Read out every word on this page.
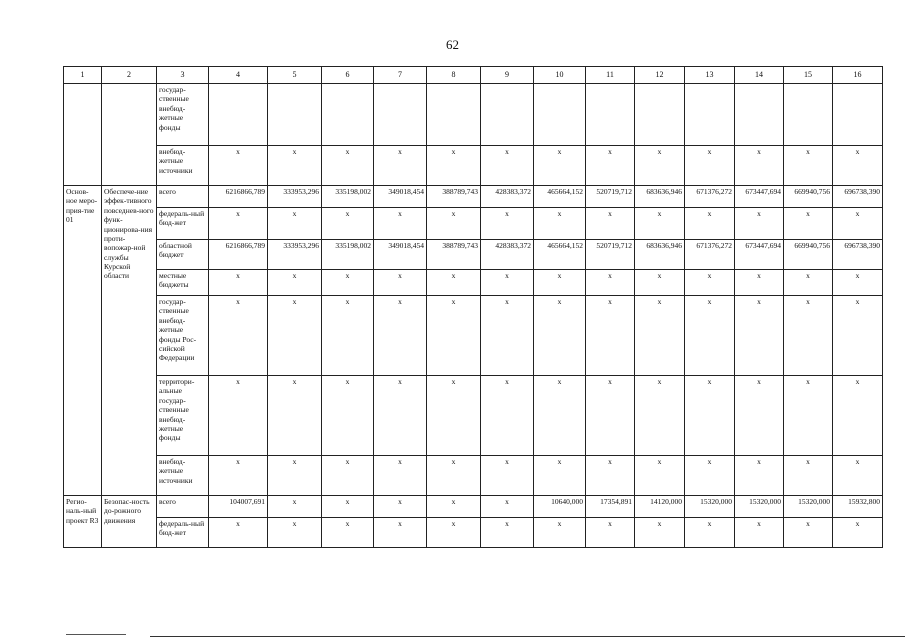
62
1	2	3	4	5	6	7	8	9	10	11	12	13	14	15	16
		государ-ственные внебюд-жетные фонды													
		внебюд-жетные источники	х	х	х	х	х	х	х	х	х	х	х	х	х
Основ-ное меро-прия-тие 01	Обеспече-ние эффек-тивного повседнев-ного функ-ционирова-ния проти-вопожар-ной службы Курской области	всего	6216866,789	333953,296	335198,002	349018,454	388789,743	428383,372	465664,152	520719,712	683636,946	671376,272	673447,694	669940,756	696738,390
		федераль-ный бюд-жет	х	х	х	х	х	х	х	х	х	х	х	х	х
		областной бюджет	6216866,789	333953,296	335198,002	349018,454	388789,743	428383,372	465664,152	520719,712	683636,946	671376,272	673447,694	669940,756	696738,390
		местные бюджеты	х	х	х	х	х	х	х	х	х	х	х	х	х
		государ-ственные внебюд-жетные фонды Рос-сийской Федерации	х	х	х	х	х	х	х	х	х	х	х	х	х
		территори-альные государ-ственные внебюд-жетные фонды	х	х	х	х	х	х	х	х	х	х	х	х	х
		внебюд-жетные источники	х	х	х	х	х	х	х	х	х	х	х	х	х
Регио-наль-ный проект R3	Безопас-ность до-рожного движения	всего	104007,691	х	х	х	х	х	10640,000	17354,891	14120,000	15320,000	15320,000	15320,000	15932,800
		федераль-ный бюд-жет	х	х	х	х	х	х	х	х	х	х	х	х	х
